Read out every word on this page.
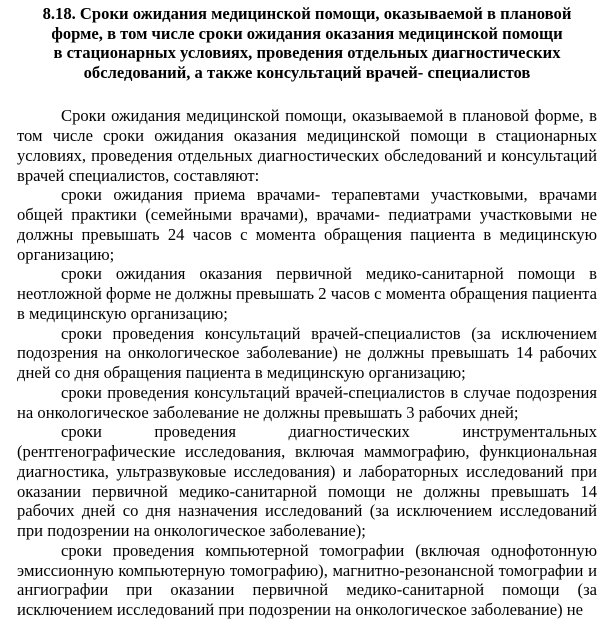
8.18. Сроки ожидания медицинской помощи, оказываемой в плановой
форме, в том числе сроки ожидания оказания медицинской помощи
в стационарных условиях, проведения отдельных диагностических
обследований, а также консультаций врачей- специалистов

Сроки ожидания медицинской помощи, оказываемой в плановой форме, в том числе сроки ожидания оказания медицинской помощи в стационарных условиях, проведения отдельных диагностических обследований и консультаций врачей специалистов, составляют:

сроки ожидания приема врачами- терапевтами участковыми, врачами общей практики (семейными врачами), врачами- педиатрами участковыми не должны превышать 24 часов с момента обращения пациента в медицинскую организацию;

сроки ожидания оказания первичной медико-санитарной помощи в неотложной форме не должны превышать 2 часов с момента обращения пациента в медицинскую организацию;

сроки проведения консультаций врачей-специалистов (за исключением подозрения на онкологическое заболевание) не должны превышать 14 рабочих дней со дня обращения пациента в медицинскую организацию;

сроки проведения консультаций врачей-специалистов в случае подозрения на онкологическое заболевание не должны превышать 3 рабочих дней;

сроки проведения диагностических инструментальных (рентгенографические исследования, включая маммографию, функциональная диагностика, ультразвуковые исследования) и лабораторных исследований при оказании первичной медико-санитарной помощи не должны превышать 14 рабочих дней со дня назначения исследований (за исключением исследований при подозрении на онкологическое заболевание);

сроки проведения компьютерной томографии (включая однофотонную эмиссионную компьютерную томографию), магнитно-резонансной томографии и ангиографии при оказании первичной медико-санитарной помощи (за исключением исследований при подозрении на онкологическое заболевание) не
